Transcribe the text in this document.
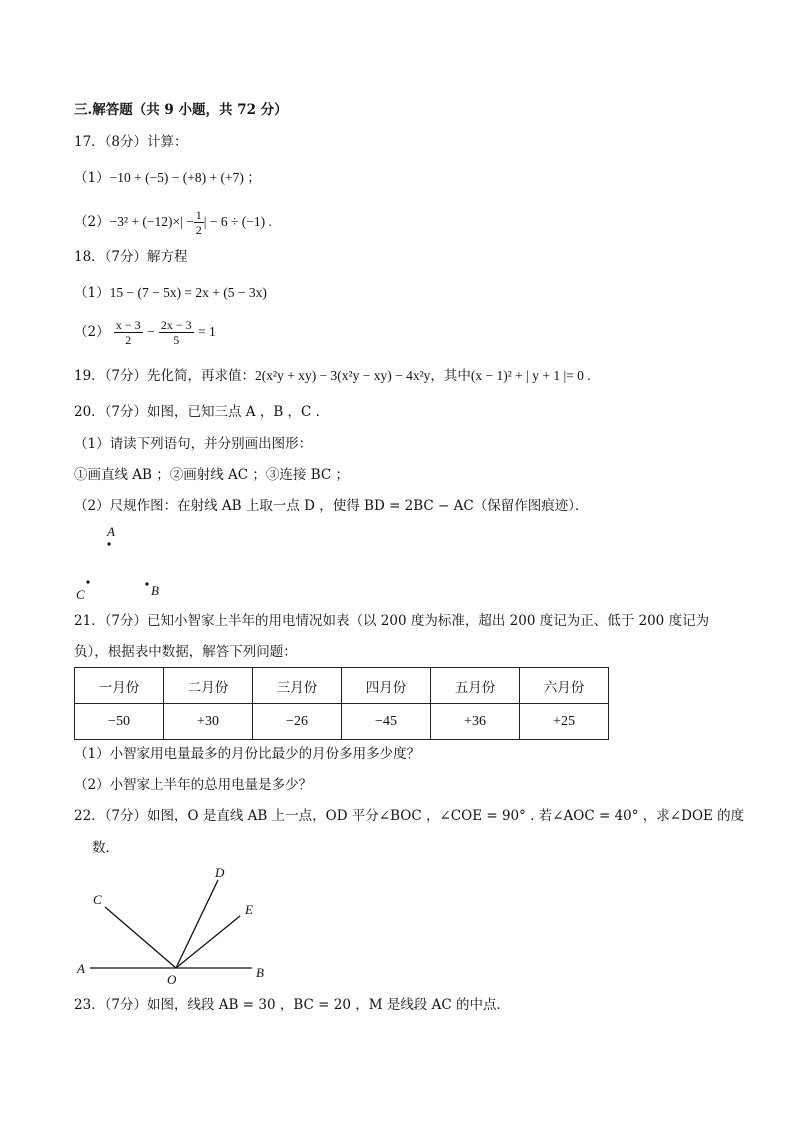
三.解答题（共 9 小题，共 72 分）
17．（8分）计算：
（1）−10 + (−5) − (+8) + (+7) ；
$(2)-3^2 + (-12)\times| - \frac{1}{2}$ | − 6 ÷ (−1) .
18．（7分）解方程
（1）15 − (7 − 5x) = 2x + (5 − 3x)
$(2) \frac{x - 3}{2} - \frac{2x - 3}{5} = 1$
19．（7分）先化简，再求值：2(x²y + xy) − 3(x²y − xy) − 4x²y，其中(x − 1)² + | y + 1 |= 0 .
20．（7分）如图，已知三点 A ，B ，C ．
（1）请读下列语句，并分别画出图形：
①画直线 AB ；②画射线 AC ；③连接 BC ；
（2）尺规作图：在射线 AB 上取一点 D ，使得 BD = 2BC − AC（保留作图痕迹）．
A
C	B
21．（7分）已知小智家上半年的用电情况如表（以 200 度为标准，超出 200 度记为正、低于 200 度记为
负），根据表中数据，解答下列问题：
一月份	二月份	三月份	四月份	五月份	六月份
−50	+30	−26	−45	+36	+25
（1）小智家用电量最多的月份比最少的月份多用多少度？
（2）小智家上半年的总用电量是多少？
22．（7分）如图，O 是直线 AB 上一点，OD 平分∠BOC ，∠COE = 90° . 若∠AOC = 40° ，求∠DOE 的度
数．
A	B
C
D
E
O
23．（7分）如图，线段 AB = 30 ，BC = 20 ，M 是线段 AC 的中点．
